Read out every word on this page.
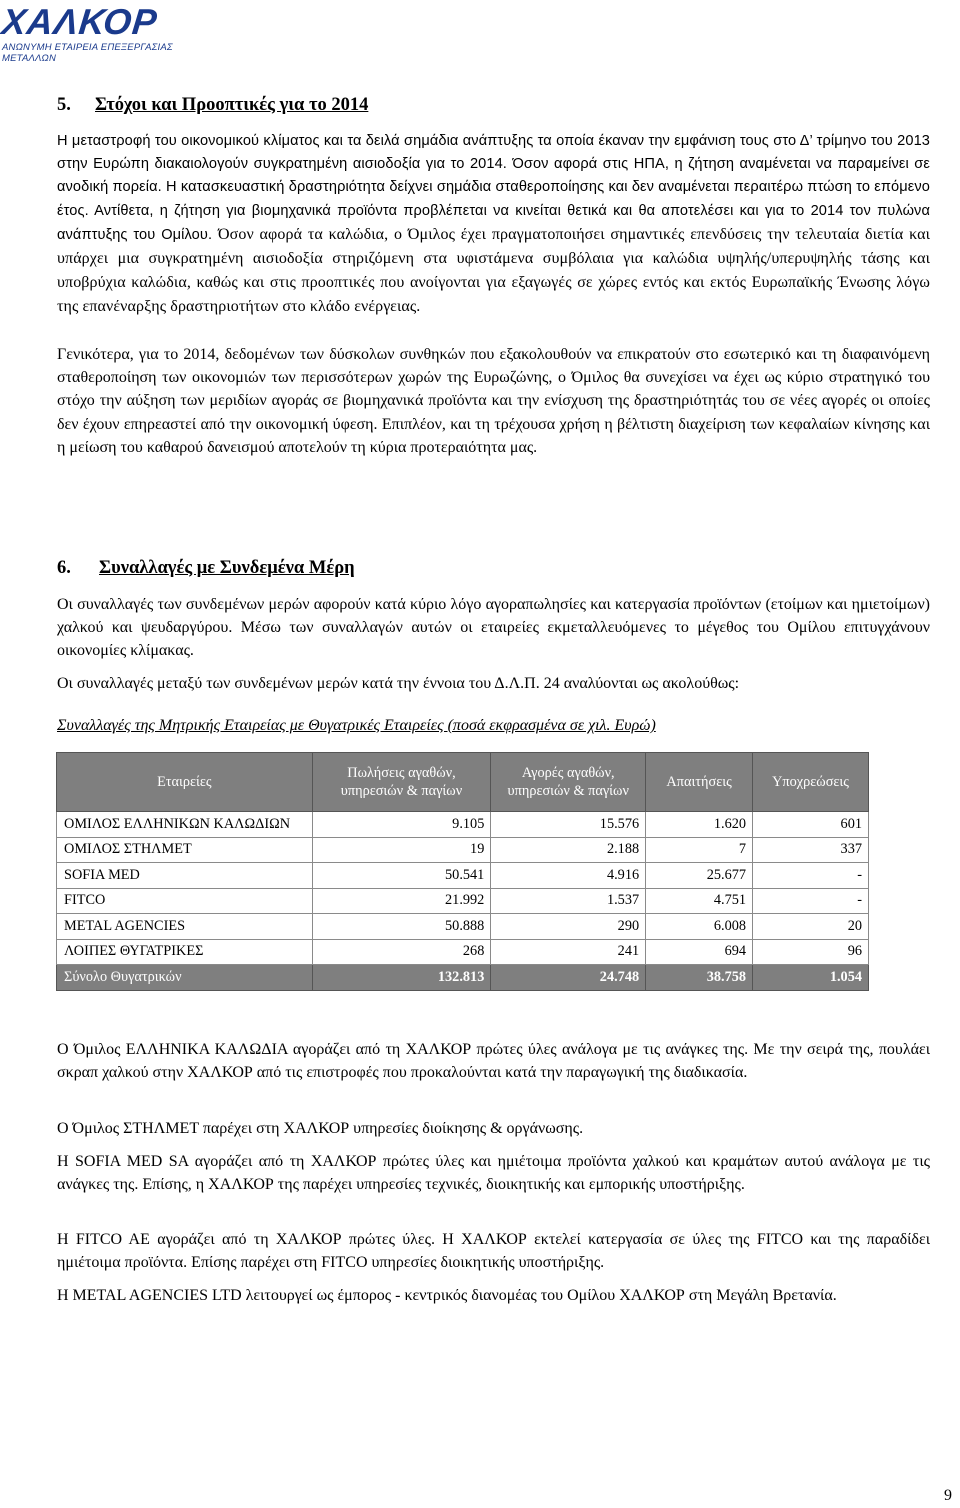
ΧΑΛΚΟΡ
ΑΝΩΝΥΜΗ ΕΤΑΙΡΕΙΑ ΕΠΕΞΕΡΓΑΣΙΑΣ ΜΕΤΑΛΛΩΝ
5. Στόχοι και Προοπτικές για το 2014

Η μεταστροφή του οικονομικού κλίματος και τα δειλά σημάδια ανάπτυξης τα οποία έκαναν την εμφάνιση τους στο Δ’ τρίμηνο του 2013 στην Ευρώπη διακαιολογούν συγκρατημένη αισιοδοξία για το 2014. Όσον αφορά στις ΗΠΑ, η ζήτηση αναμένεται να παραμείνει σε ανοδική πορεία. Η κατασκευαστική δραστηριότητα δείχνει σημάδια σταθεροποίησης και δεν αναμένεται περαιτέρω πτώση το επόμενο έτος. Αντίθετα, η ζήτηση για βιομηχανικά προϊόντα προβλέπεται να κινείται θετικά και θα αποτελέσει και για το 2014 τον πυλώνα ανάπτυξης του Ομίλου. Όσον αφορά τα καλώδια, ο Όμιλος έχει πραγματοποιήσει σημαντικές επενδύσεις την τελευταία διετία και υπάρχει μια συγκρατημένη αισιοδοξία στηριζόμενη στα υφιστάμενα συμβόλαια για καλώδια υψηλής/υπερυψηλής τάσης και υποβρύχια καλώδια, καθώς και στις προοπτικές που ανοίγονται για εξαγωγές σε χώρες εντός και εκτός Ευρωπαϊκής Ένωσης λόγω της επανέναρξης δραστηριοτήτων στο κλάδο ενέργειας.

Γενικότερα, για το 2014, δεδομένων των δύσκολων συνθηκών που εξακολουθούν να επικρατούν στο εσωτερικό και τη διαφαινόμενη σταθεροποίηση των οικονομιών των περισσότερων χωρών της Ευρωζώνης, ο Όμιλος θα συνεχίσει να έχει ως κύριο στρατηγικό του στόχο την αύξηση των μεριδίων αγοράς σε βιομηχανικά προϊόντα και την ενίσχυση της δραστηριότητάς του σε νέες αγορές οι οποίες δεν έχουν επηρεαστεί από την οικονομική ύφεση. Επιπλέον, και τη τρέχουσα χρήση η βέλτιστη διαχείριση των κεφαλαίων κίνησης και η μείωση του καθαρού δανεισμού αποτελούν τη κύρια προτεραιότητα μας.

6. Συναλλαγές με Συνδεμένα Μέρη

Οι συναλλαγές των συνδεμένων μερών αφορούν κατά κύριο λόγο αγοραπωλησίες και κατεργασία προϊόντων (ετοίμων και ημιετοίμων) χαλκού και ψευδαργύρου. Μέσω των συναλλαγών αυτών οι εταιρείες εκμεταλλευόμενες το μέγεθος του Ομίλου επιτυγχάνουν οικονομίες κλίμακας.

Οι συναλλαγές μεταξύ των συνδεμένων μερών κατά την έννοια του Δ.Λ.Π. 24 αναλύονται ως ακολούθως:

Συναλλαγές της Μητρικής Εταιρείας με Θυγατρικές Εταιρείες (ποσά εκφρασμένα σε χιλ. Ευρώ)
Εταιρείες	Πωλήσεις αγαθών, υπηρεσιών & παγίων	Αγορές αγαθών, υπηρεσιών & παγίων	Απαιτήσεις	Υποχρεώσεις
ΟΜΙΛΟΣ ΕΛΛΗΝΙΚΩΝ ΚΑΛΩΔΙΩΝ	9.105	15.576	1.620	601
ΟΜΙΛΟΣ ΣΤΗΛΜΕΤ	19	2.188	7	337
SOFIA MED	50.541	4.916	25.677	-
FITCO	21.992	1.537	4.751	-
METAL AGENCIES	50.888	290	6.008	20
ΛΟΙΠΕΣ ΘΥΓΑΤΡΙΚΕΣ	268	241	694	96
Σύνολο Θυγατρικών	132.813	24.748	38.758	1.054

Ο Όμιλος ΕΛΛΗΝΙΚΑ ΚΑΛΩΔΙΑ αγοράζει από τη ΧΑΛΚΟΡ πρώτες ύλες ανάλογα με τις ανάγκες της. Με την σειρά της, πουλάει σκραπ χαλκού στην ΧΑΛΚΟΡ από τις επιστροφές που προκαλούνται κατά την παραγωγική της διαδικασία.

Ο Όμιλος ΣΤΗΛΜΕΤ παρέχει στη ΧΑΛΚΟΡ υπηρεσίες διοίκησης & οργάνωσης.

Η SOFIA MED SA αγοράζει από τη ΧΑΛΚΟΡ πρώτες ύλες και ημιέτοιμα προϊόντα χαλκού και κραμάτων αυτού ανάλογα με τις ανάγκες της. Επίσης, η ΧΑΛΚΟΡ της παρέχει υπηρεσίες τεχνικές, διοικητικής και εμπορικής υποστήριξης.

Η FITCO AE αγοράζει από τη ΧΑΛΚΟΡ πρώτες ύλες. Η ΧΑΛΚΟΡ εκτελεί κατεργασία σε ύλες της FITCO και της παραδίδει ημιέτοιμα προϊόντα. Επίσης παρέχει στη FITCO υπηρεσίες διοικητικής υποστήριξης.

Η METAL AGENCIES LTD λειτουργεί ως έμπορος - κεντρικός διανομέας του Ομίλου ΧΑΛΚΟΡ στη Μεγάλη Βρετανία.

9
